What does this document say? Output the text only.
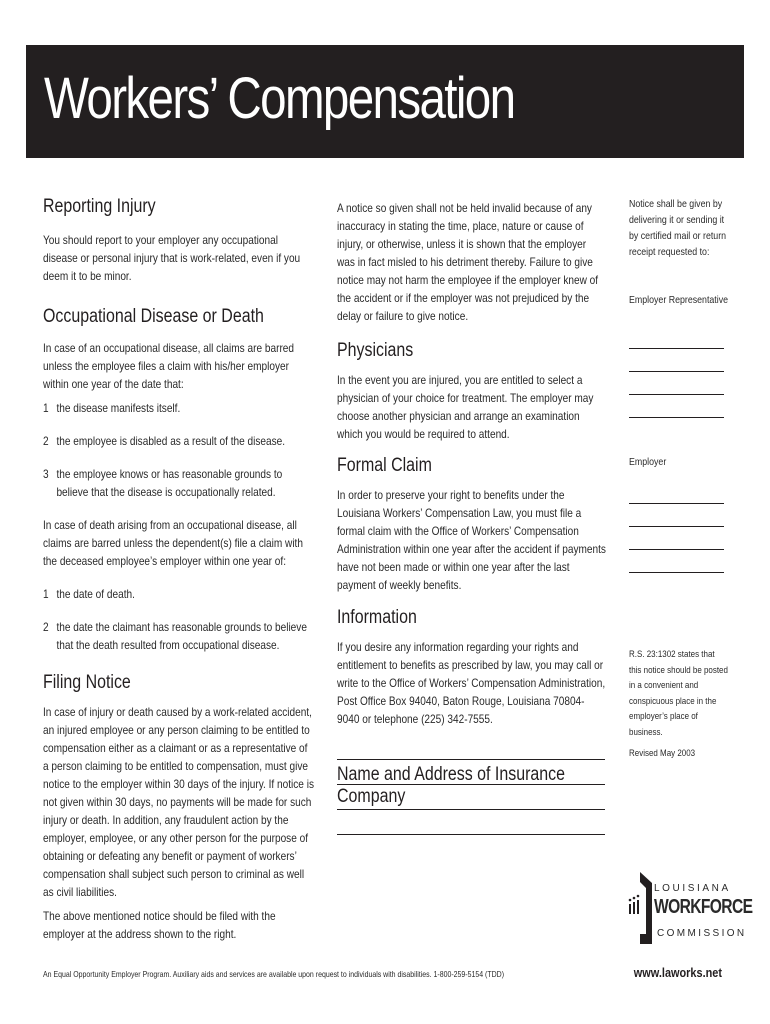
Workers’ Compensation
Reporting Injury

You should report to your employer any occupational disease or personal injury that is work-related, even if you deem it to be minor.

Occupational Disease or Death

In case of an occupational disease, all claims are barred unless the employee files a claim with his/her employer within one year of the date that:

1 the disease manifests itself.
2 the employee is disabled as a result of the disease.
3 the employee knows or has reasonable grounds to believe that the disease is occupationally related.

In case of death arising from an occupational disease, all claims are barred unless the dependent(s) file a claim with the deceased employee’s employer within one year of:

1 the date of death.
2 the date the claimant has reasonable grounds to believe that the death resulted from occupational disease.
Filing Notice

In case of injury or death caused by a work-related accident, an injured employee or any person claiming to be entitled to compensation either as a claimant or as a representative of a person claiming to be entitled to compensation, must give notice to the employer within 30 days of the injury. If notice is not given within 30 days, no payments will be made for such injury or death. In addition, any fraudulent action by the employer, employee, or any other person for the purpose of obtaining or defeating any benefit or payment of workers’ compensation shall subject such person to criminal as well as civil liabilities.

The above mentioned notice should be filed with the employer at the address shown to the right.

A notice so given shall not be held invalid because of any inaccuracy in stating the time, place, nature or cause of injury, or otherwise, unless it is shown that the employer was in fact misled to his detriment thereby. Failure to give notice may not harm the employee if the employer knew of the accident or if the employer was not prejudiced by the delay or failure to give notice.

Physicians

In the event you are injured, you are entitled to select a physician of your choice for treatment. The employer may choose another physician and arrange an examination which you would be required to attend.

Formal Claim

In order to preserve your right to benefits under the Louisiana Workers’ Compensation Law, you must file a formal claim with the Office of Workers’ Compensation Administration within one year after the accident if payments have not been made or within one year after the last payment of weekly benefits.

Information

If you desire any information regarding your rights and entitlement to benefits as prescribed by law, you may call or write to the Office of Workers’ Compensation Administration, Post Office Box 94040, Baton Rouge, Louisiana 70804-9040 or telephone (225) 342-7555.

Name and Address of Insurance Company

Notice shall be given by delivering it or sending it by certified mail or return receipt requested to:

Employer Representative

Employer

R.S. 23:1302 states that this notice should be posted in a convenient and conspicuous place in the employer’s place of business.

Revised May 2003

LOUISIANA
WORKFORCE
COMMISSION
An Equal Opportunity Employer Program. Auxiliary aids and services are available upon request to individuals with disabilities. 1-800-259-5154 (TDD)	www.laworks.net
